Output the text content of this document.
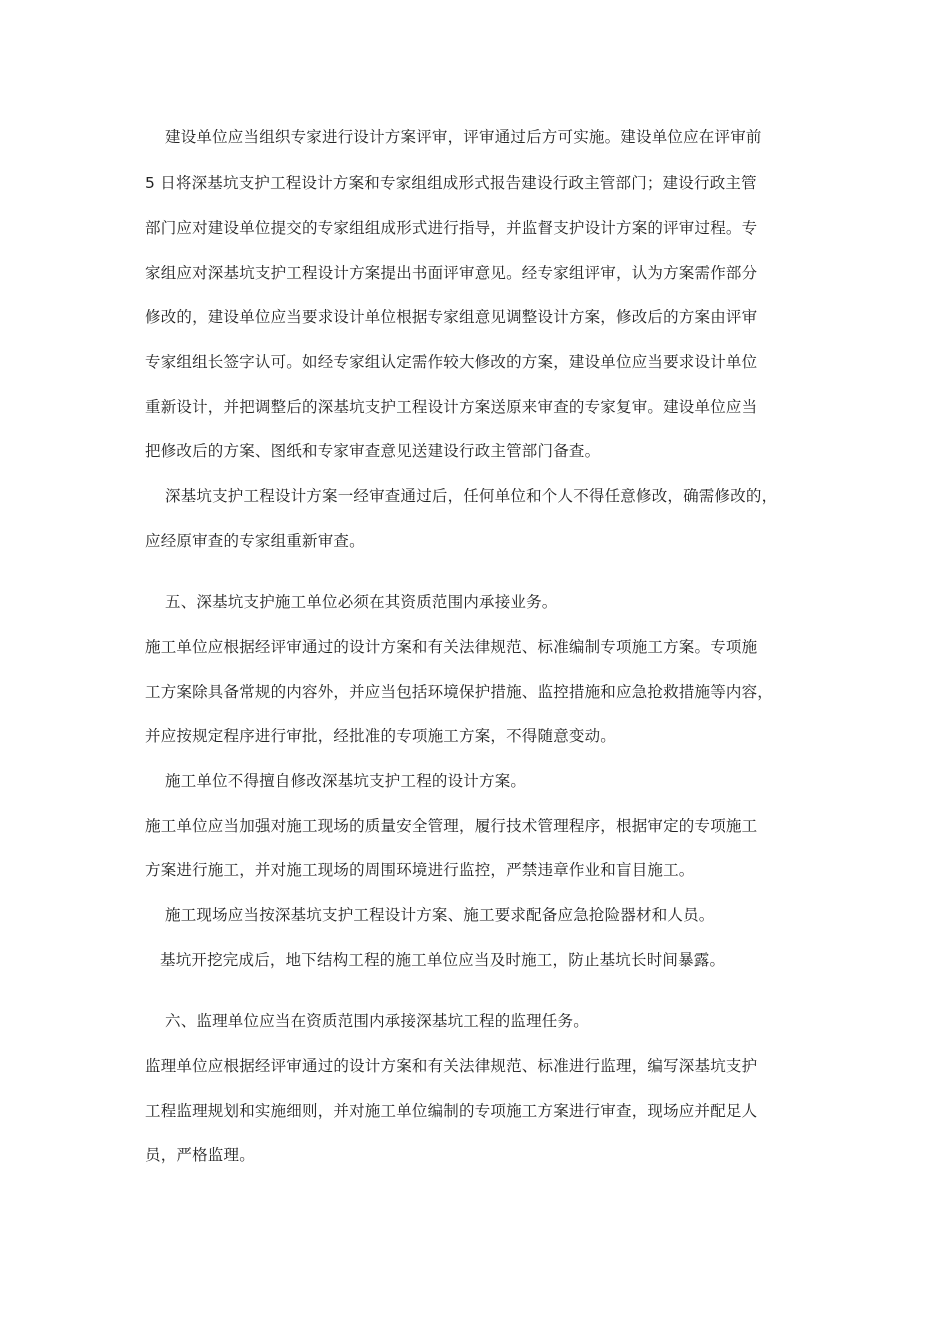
建设单位应当组织专家进行设计方案评审，评审通过后方可实施。建设单位应在评审前
5 日将深基坑支护工程设计方案和专家组组成形式报告建设行政主管部门；建设行政主管
部门应对建设单位提交的专家组组成形式进行指导，并监督支护设计方案的评审过程。专
家组应对深基坑支护工程设计方案提出书面评审意见。经专家组评审，认为方案需作部分
修改的，建设单位应当要求设计单位根据专家组意见调整设计方案，修改后的方案由评审
专家组组长签字认可。如经专家组认定需作较大修改的方案，建设单位应当要求设计单位
重新设计，并把调整后的深基坑支护工程设计方案送原来审查的专家复审。建设单位应当
把修改后的方案、图纸和专家审查意见送建设行政主管部门备查。
深基坑支护工程设计方案一经审查通过后，任何单位和个人不得任意修改，确需修改的，
应经原审查的专家组重新审查。
五、深基坑支护施工单位必须在其资质范围内承接业务。
施工单位应根据经评审通过的设计方案和有关法律规范、标准编制专项施工方案。专项施
工方案除具备常规的内容外，并应当包括环境保护措施、监控措施和应急抢救措施等内容，
并应按规定程序进行审批，经批准的专项施工方案，不得随意变动。
施工单位不得擅自修改深基坑支护工程的设计方案。
施工单位应当加强对施工现场的质量安全管理，履行技术管理程序，根据审定的专项施工
方案进行施工，并对施工现场的周围环境进行监控，严禁违章作业和盲目施工。
施工现场应当按深基坑支护工程设计方案、施工要求配备应急抢险器材和人员。
基坑开挖完成后，地下结构工程的施工单位应当及时施工，防止基坑长时间暴露。
六、监理单位应当在资质范围内承接深基坑工程的监理任务。
监理单位应根据经评审通过的设计方案和有关法律规范、标准进行监理，编写深基坑支护
工程监理规划和实施细则，并对施工单位编制的专项施工方案进行审查，现场应并配足人
员，严格监理。
